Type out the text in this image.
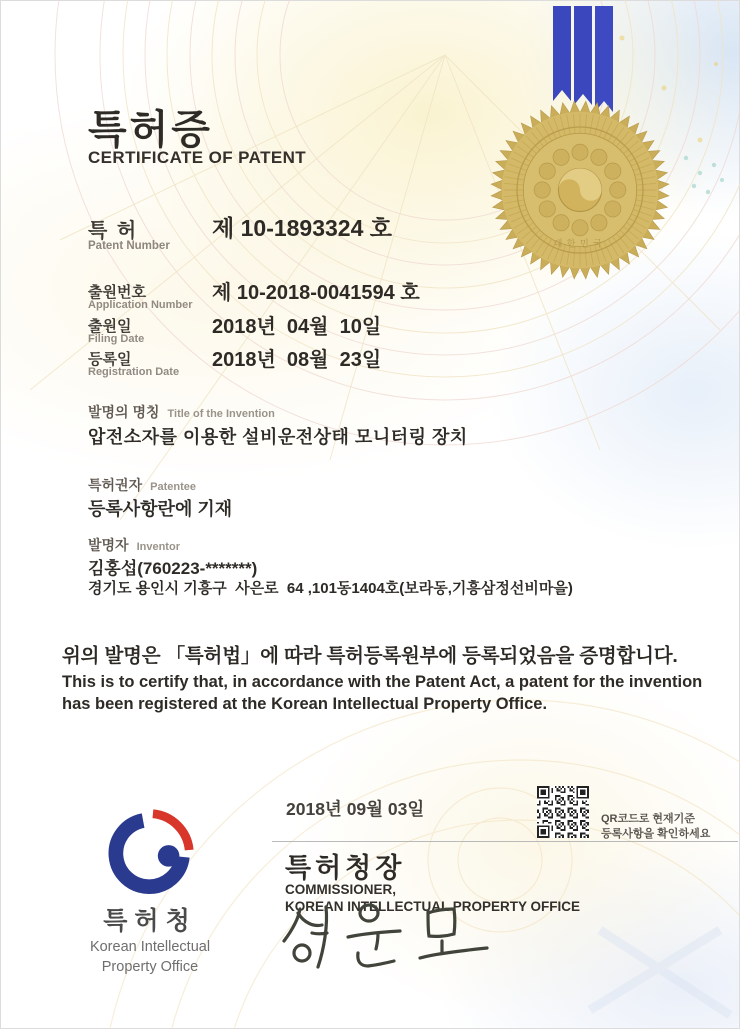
대한민국
특허증
CERTIFICATE OF PATENT
특 허
Patent Number
제 10-1893324 호
출원번호
Application Number
제 10-2018-0041594 호
출원일
Filing Date
2018년  04월  10일
등록일
Registration Date
2018년  08월  23일
발명의 명칭 Title of the Invention
압전소자를 이용한 설비운전상태 모니터링 장치
특허권자 Patentee
등록사항란에 기재
발명자 Inventor
김홍섭(760223-*******)
경기도 용인시 기흥구  사은로  64 ,101동1404호(보라동,기흥삼정선비마을)
위의 발명은 「특허법」에 따라 특허등록원부에 등록되었음을 증명합니다.
This is to certify that, in accordance with the Patent Act, a patent for the invention
has been registered at the Korean Intellectual Property Office.
2018년 09월 03일	QR코드로 현재기준
등록사항을 확인하세요
특허청장
COMMISSIONER,
KOREAN INTELLECTUAL PROPERTY OFFICE
특허청
Korean Intellectual
Property Office
